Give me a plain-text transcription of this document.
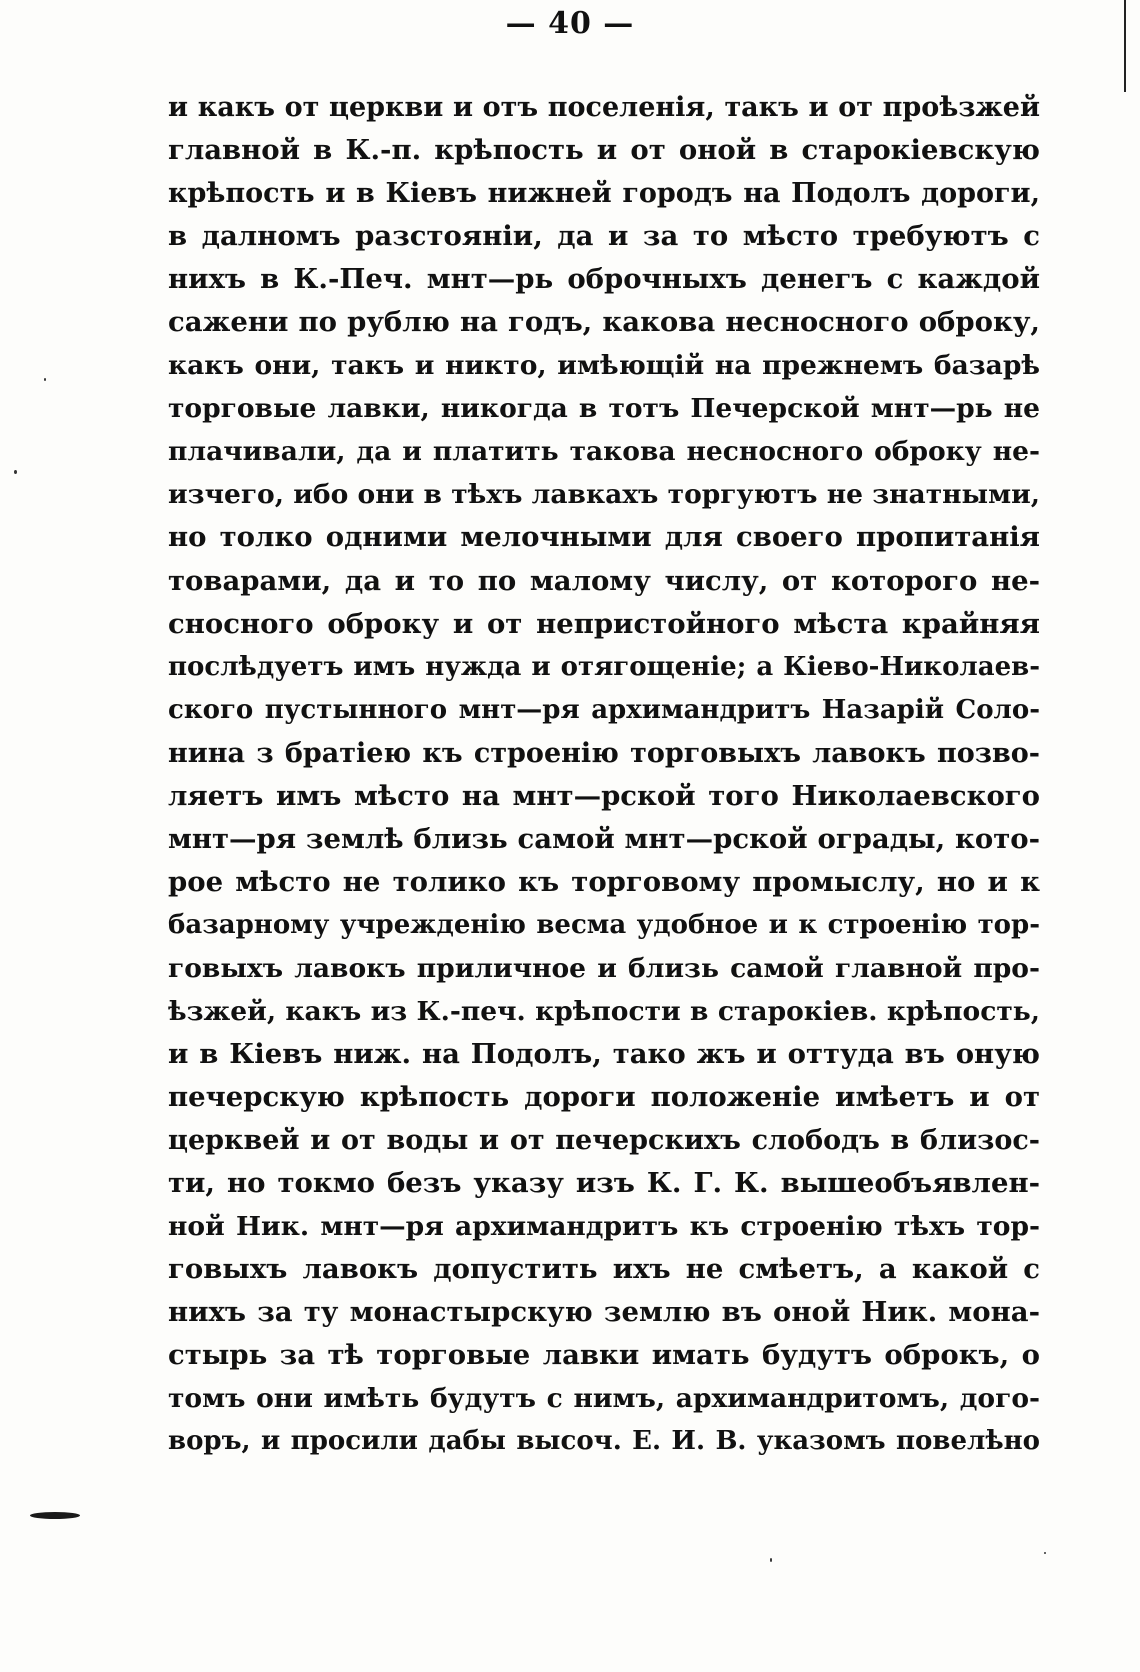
— 40 —
и какъ от церкви и отъ поселенія, такъ и от проѣзжей
главной в К.-п. крѣпость и от оной в старокіевскую
крѣпость и в Кіевъ нижней городъ на Подолъ дороги,
в далномъ разстояніи, да и за то мѣсто требуютъ с
нихъ в К.-Печ. мнт—рь оброчныхъ денегъ с каждой
сажени по рублю на годъ, какова несносного оброку,
какъ они, такъ и никто, имѣющій на прежнемъ базарѣ
торговые лавки, никогда в тотъ Печерской мнт—рь не
плачивали, да и платить такова несносного оброку не-
изчего, ибо они в тѣхъ лавкахъ торгуютъ не знатными,
но толко одними мелочными для своего пропитанія
товарами, да и то по малому числу, от которого не-
сносного оброку и от непристойного мѣста крайняя
послѣдуетъ имъ нужда и отягощеніе; а Кіево-Николаев-
ского пустынного мнт—ря архимандритъ Назарій Соло-
нина з братіею къ строенію торговыхъ лавокъ позво-
ляетъ имъ мѣсто на мнт—рской того Николаевского
мнт—ря землѣ близь самой мнт—рской ограды, кото-
рое мѣсто не толико къ торговому промыслу, но и к
базарному учрежденію весма удобное и к строенію тор-
говыхъ лавокъ приличное и близь самой главной про-
ѣзжей, какъ из К.-печ. крѣпости в старокіев. крѣпость,
и в Кіевъ ниж. на Подолъ, тако жъ и оттуда въ оную
печерскую крѣпость дороги положеніе имѣетъ и от
церквей и от воды и от печерскихъ слободъ в близос-
ти, но токмо безъ указу изъ К. Г. К. вышеобъявлен-
ной Ник. мнт—ря архимандритъ къ строенію тѣхъ тор-
говыхъ лавокъ допустить ихъ не смѣетъ, а какой с
нихъ за ту монастырскую землю въ оной Ник. мона-
стырь за тѣ торговые лавки имать будутъ оброкъ, о
томъ они имѣть будутъ с нимъ, архимандритомъ, дого-
воръ, и просили дабы высоч. Е. И. В. указомъ повелѣно
